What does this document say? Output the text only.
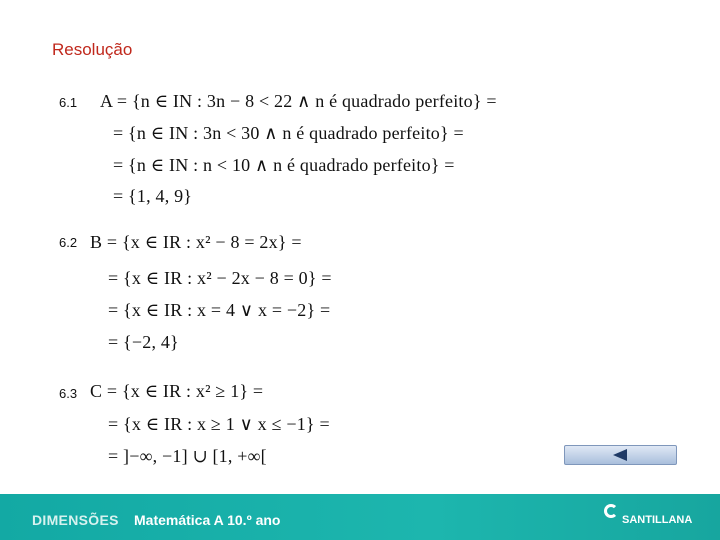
Resolução
6.1 A = {n ∈ IN : 3n − 8 < 22 ∧ n é quadrado perfeito} =
= {n ∈ IN : 3n < 30 ∧ n é quadrado perfeito} =
= {n ∈ IN : n < 10 ∧ n é quadrado perfeito} =
= {1, 4, 9}
6.2 B = {x ∈ IR : x² − 8 = 2x} =
= {x ∈ IR : x² − 2x − 8 = 0} =
= {x ∈ IR : x = 4 ∨ x = −2} =
= {−2, 4}
6.3 C = {x ∈ IR : x² ≥ 1} =
= {x ∈ IR : x ≥ 1 ∨ x ≤ −1} =
= ]−∞, −1] ∪ [1, +∞[
DIMENSÕES Matemática A 10.º ano	SANTILLANA
